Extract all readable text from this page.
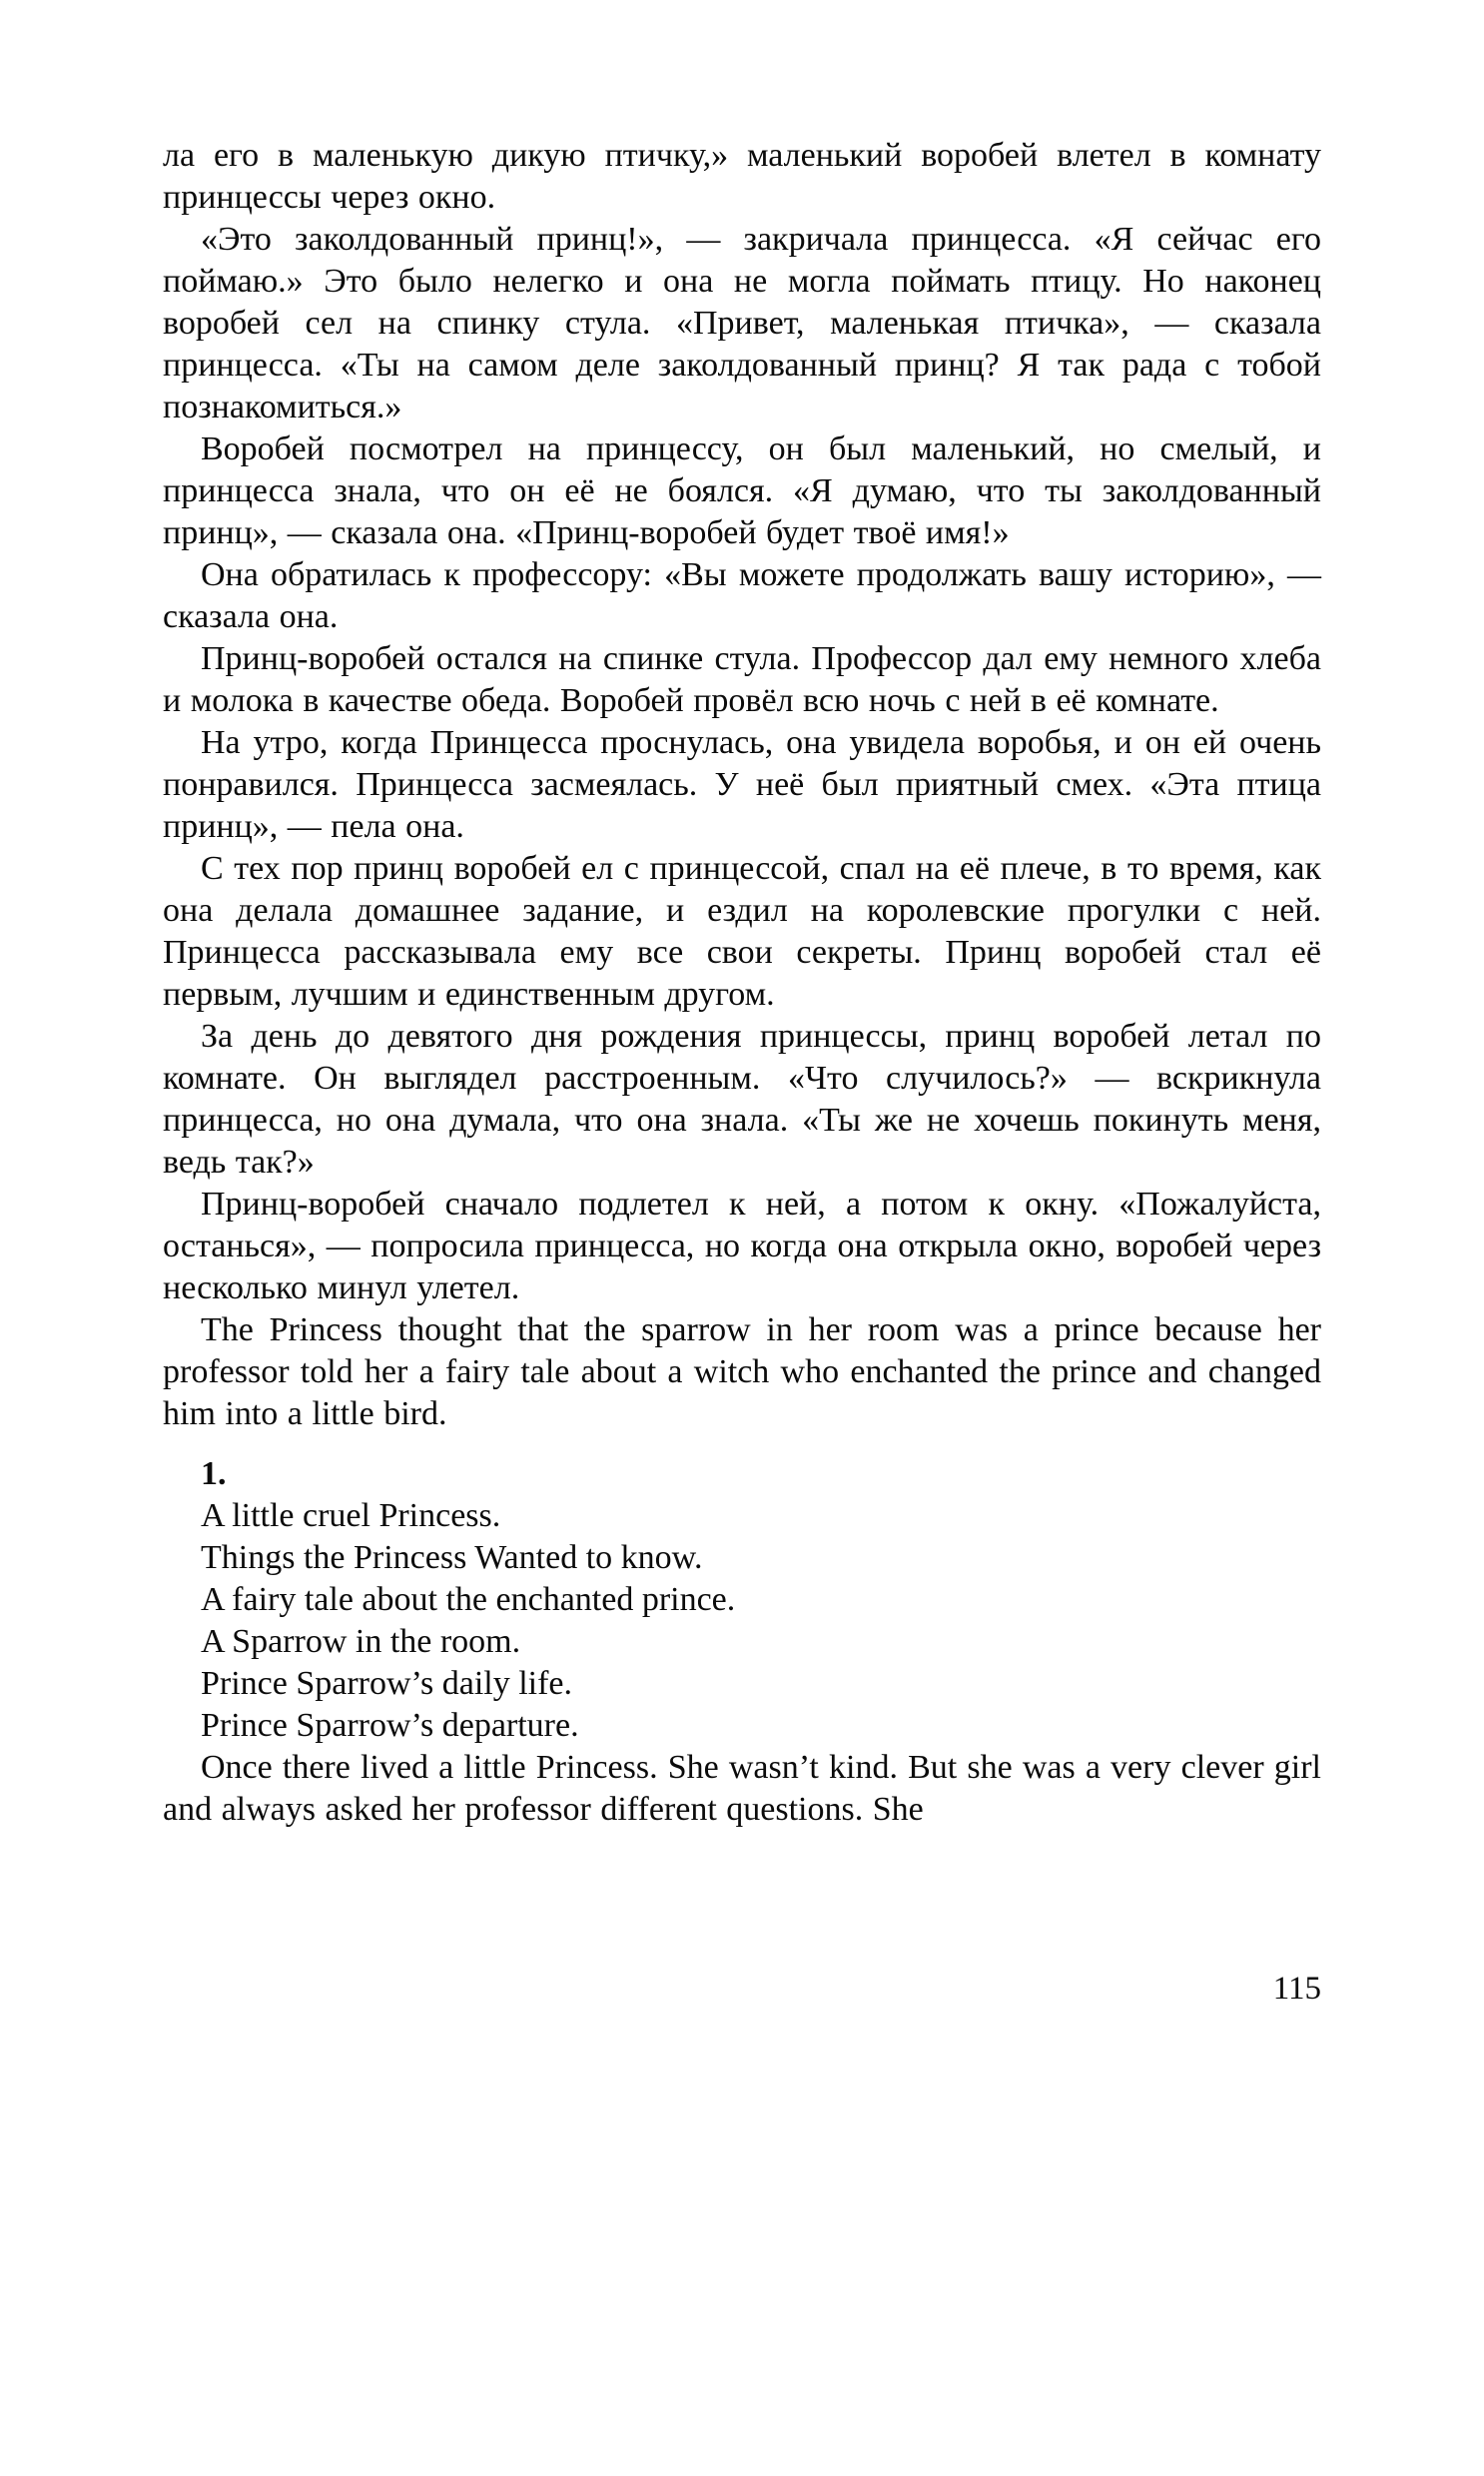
ла его в маленькую дикую птичку,» маленький воробей влетел в комнату принцессы через окно.

«Это заколдованный принц!», — закричала принцесса. «Я сейчас его поймаю.» Это было нелегко и она не могла поймать птицу. Но наконец воробей сел на спинку стула. «Привет, маленькая птичка», — сказала принцесса. «Ты на самом деле заколдованный принц? Я так рада с тобой познакомиться.»

Воробей посмотрел на принцессу, он был маленький, но смелый, и принцесса знала, что он её не боялся. «Я думаю, что ты заколдованный принц», — сказала она. «Принц-воробей будет твоё имя!»

Она обратилась к профессору: «Вы можете продолжать вашу историю», — сказала она.

Принц-воробей остался на спинке стула. Профессор дал ему немного хлеба и молока в качестве обеда. Воробей провёл всю ночь с ней в её комнате.

На утро, когда Принцесса проснулась, она увидела воробья, и он ей очень понравился. Принцесса засмеялась. У неё был приятный смех. «Эта птица принц», — пела она.

С тех пор принц воробей ел с принцессой, спал на её плече, в то время, как она делала домашнее задание, и ездил на королевские прогулки с ней. Принцесса рассказывала ему все свои секреты. Принц воробей стал её первым, лучшим и единственным другом.

За день до девятого дня рождения принцессы, принц воробей летал по комнате. Он выглядел расстроенным. «Что случилось?» — вскрикнула принцесса, но она думала, что она знала. «Ты же не хочешь покинуть меня, ведь так?»

Принц-воробей сначало подлетел к ней, а потом к окну. «Пожалуйста, останься», — попросила принцесса, но когда она открыла окно, воробей через несколько минул улетел.

The Princess thought that the sparrow in her room was a prince because her professor told her a fairy tale about a witch who enchanted the prince and changed him into a little bird.

1.

A little cruel Princess.

Things the Princess Wanted to know.

A fairy tale about the enchanted prince.

A Sparrow in the room.

Prince Sparrow’s daily life.

Prince Sparrow’s departure.

Once there lived a little Princess. She wasn’t kind. But she was a very clever girl and always asked her professor different questions. She

115
